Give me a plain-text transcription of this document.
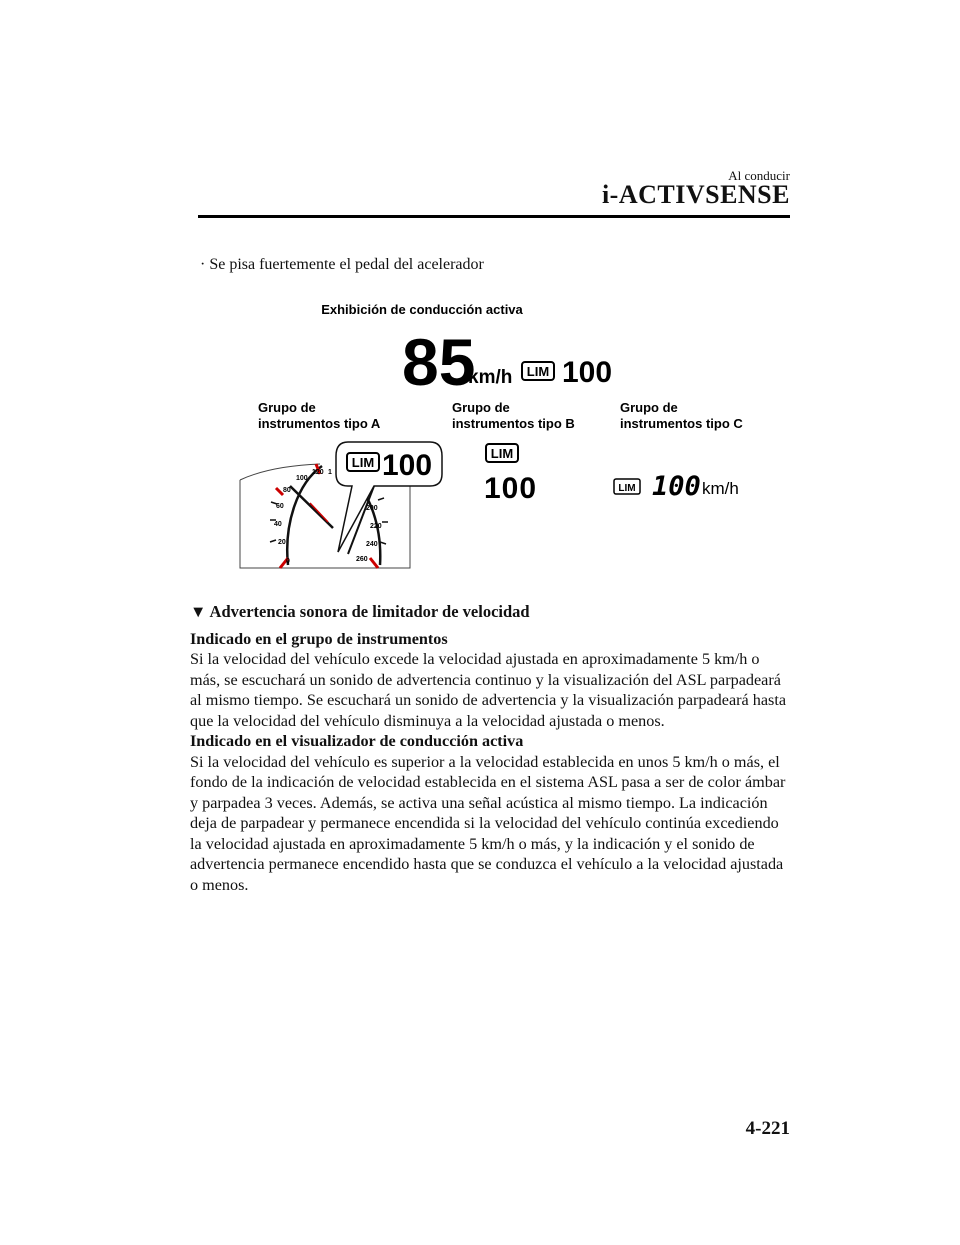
Al conducir
i-ACTIVSENSE
· Se pisa fuertemente el pedal del acelerador
Exhibición de conducción activa
85
km/h LIM 100
Grupo de
instrumentos tipo A
Grupo de
instrumentos tipo B
Grupo de
instrumentos tipo C
0
20
40
60
80
100
120 1
200
220
240
260
LIM 100	LIM
100	LIM 100 km/h

▼ Advertencia sonora de limitador de velocidad

Indicado en el grupo de instrumentos

Si la velocidad del vehículo excede la velocidad ajustada en aproximadamente 5 km/h o más, se escuchará un sonido de advertencia continuo y la visualización del ASL parpadeará al mismo tiempo. Se escuchará un sonido de advertencia y la visualización parpadeará hasta que la velocidad del vehículo disminuya a la velocidad ajustada o menos.

Indicado en el visualizador de conducción activa

Si la velocidad del vehículo es superior a la velocidad establecida en unos 5 km/h o más, el fondo de la indicación de velocidad establecida en el sistema ASL pasa a ser de color ámbar y parpadea 3 veces. Además, se activa una señal acústica al mismo tiempo. La indicación deja de parpadear y permanece encendida si la velocidad del vehículo continúa excediendo la velocidad ajustada en aproximadamente 5 km/h o más, y la indicación y el sonido de advertencia permanece encendido hasta que se conduzca el vehículo a la velocidad ajustada o menos.

4-221
